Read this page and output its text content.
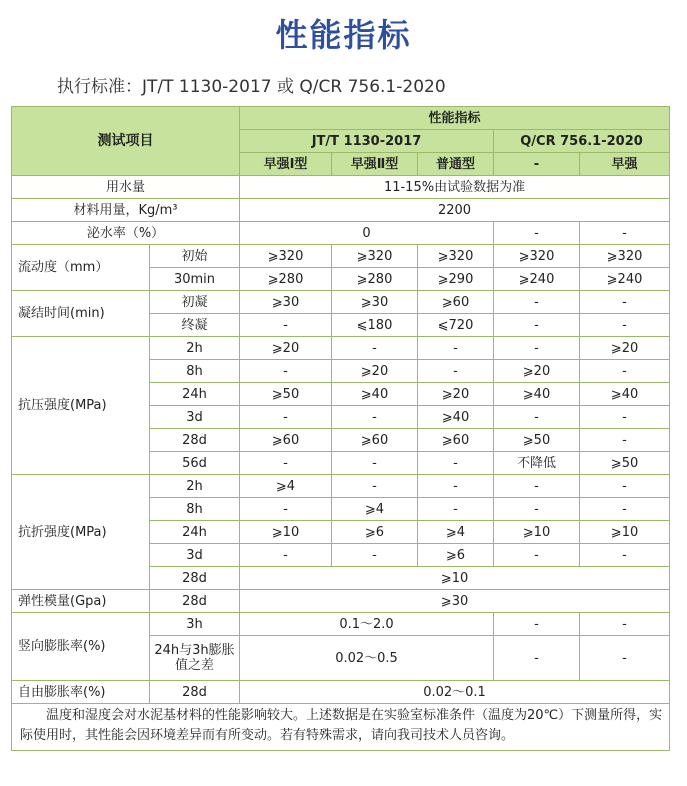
性能指标
执行标准：JT/T 1130-2017 或 Q/CR 756.1-2020
测试项目		性能指标				
		JT/T 1130-2017			Q/CR 756.1-2020	
		早强Ⅰ型	早强Ⅱ型	普通型	-	早强
用水量		11-15%由试验数据为准				
材料用量，Kg/m³		2200				
泌水率（%）		0			-	-
流动度（mm）	初始	⩾320	⩾320	⩾320	⩾320	⩾320
	30min	⩾280	⩾280	⩾290	⩾240	⩾240
凝结时间(min)	初凝	⩾30	⩾30	⩾60	-	-
	终凝	-	⩽180	⩽720	-	-
抗压强度(MPa)	2h	⩾20	-	-	-	⩾20
	8h	-	⩾20	-	⩾20	-
	24h	⩾50	⩾40	⩾20	⩾40	⩾40
	3d	-	-	⩾40	-	-
	28d	⩾60	⩾60	⩾60	⩾50	-
	56d	-	-	-	不降低	⩾50
抗折强度(MPa)	2h	⩾4	-	-	-	-
	8h	-	⩾4	-	-	-
	24h	⩾10	⩾6	⩾4	⩾10	⩾10
	3d	-	-	⩾6	-	-
	28d	⩾10				
弹性模量(Gpa)	28d	⩾30				
竖向膨胀率(%)	3h	0.1～2.0			-	-
	24h与3h膨胀值之差	0.02～0.5			-	-
自由膨胀率(%)	28d	0.02～0.1				
温度和湿度会对水泥基材料的性能影响较大。上述数据是在实验室标准条件（温度为20℃）下测量所得，实际使用时，其性能会因环境差异而有所变动。若有特殊需求，请向我司技术人员咨询。						
